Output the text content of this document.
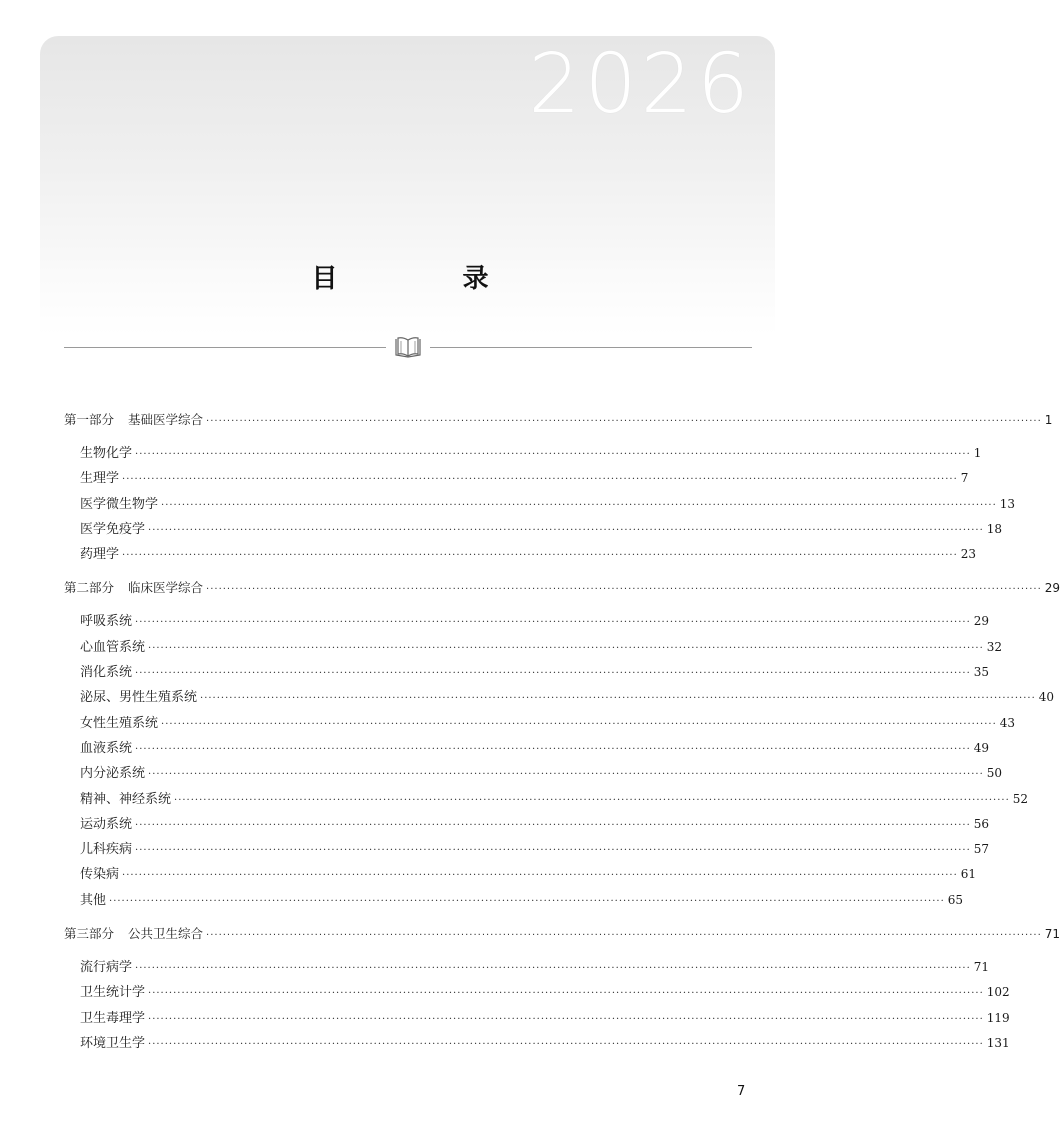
2026
目 录
第一部分 基础医学综合 ········································································································································································································ 1
生物化学 ········································································································································································································ 1
生理学 ········································································································································································································ 7
医学微生物学 ········································································································································································································ 13
医学免疫学 ········································································································································································································ 18
药理学 ········································································································································································································ 23
第二部分 临床医学综合 ········································································································································································································ 29
呼吸系统 ········································································································································································································ 29
心血管系统 ········································································································································································································ 32
消化系统 ········································································································································································································ 35
泌尿、男性生殖系统 ········································································································································································································ 40
女性生殖系统 ········································································································································································································ 43
血液系统 ········································································································································································································ 49
内分泌系统 ········································································································································································································ 50
精神、神经系统 ········································································································································································································ 52
运动系统 ········································································································································································································ 56
儿科疾病 ········································································································································································································ 57
传染病 ········································································································································································································ 61
其他 ········································································································································································································ 65
第三部分 公共卫生综合 ········································································································································································································ 71
流行病学 ········································································································································································································ 71
卫生统计学 ········································································································································································································ 102
卫生毒理学 ········································································································································································································ 119
环境卫生学 ········································································································································································································ 131
7
